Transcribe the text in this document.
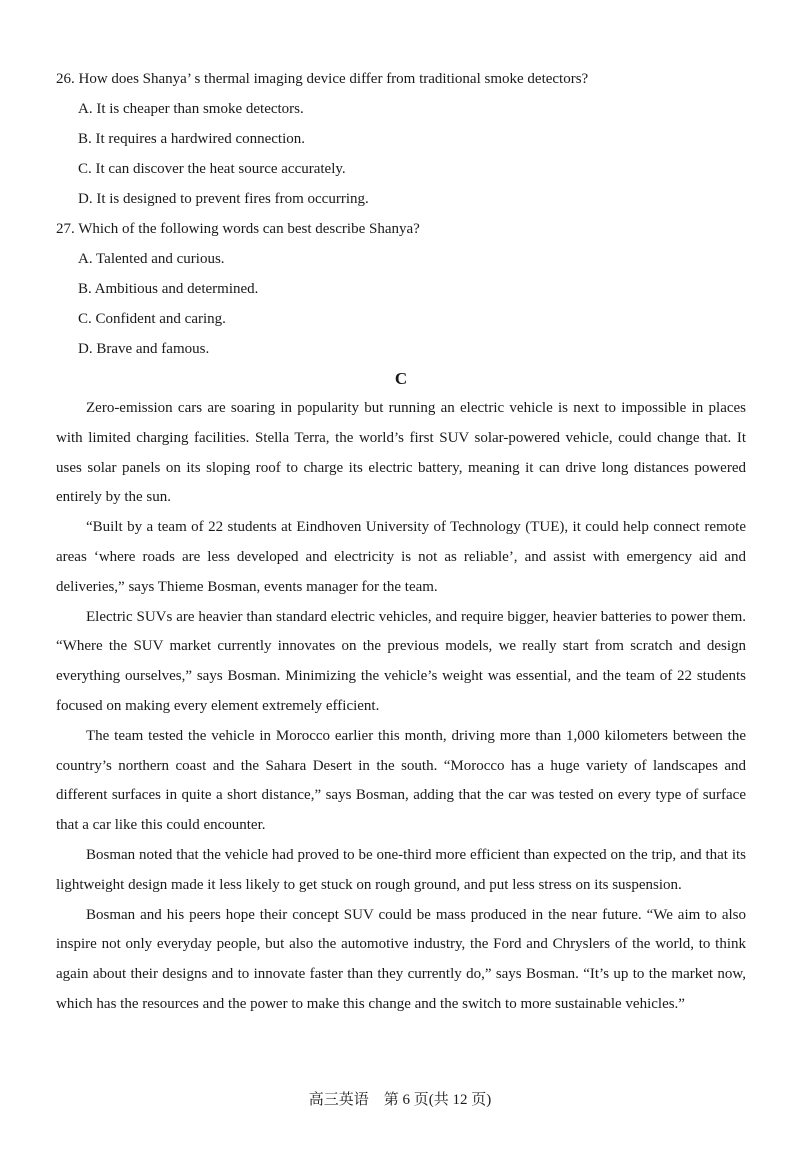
26. How does Shanya’ s thermal imaging device differ from traditional smoke detectors?
A. It is cheaper than smoke detectors.
B. It requires a hardwired connection.
C. It can discover the heat source accurately.
D. It is designed to prevent fires from occurring.
27. Which of the following words can best describe Shanya?
A. Talented and curious.
B. Ambitious and determined.
C. Confident and caring.
D. Brave and famous.
C

Zero-emission cars are soaring in popularity but running an electric vehicle is next to impossible in places with limited charging facilities. Stella Terra, the world’s first SUV solar-powered vehicle, could change that. It uses solar panels on its sloping roof to charge its electric battery, meaning it can drive long distances powered entirely by the sun.

“Built by a team of 22 students at Eindhoven University of Technology (TUE), it could help connect remote areas ‘where roads are less developed and electricity is not as reliable’, and assist with emergency aid and deliveries,” says Thieme Bosman, events manager for the team.

Electric SUVs are heavier than standard electric vehicles, and require bigger, heavier batteries to power them. “Where the SUV market currently innovates on the previous models, we really start from scratch and design everything ourselves,” says Bosman. Minimizing the vehicle’s weight was essential, and the team of 22 students focused on making every element extremely efficient.

The team tested the vehicle in Morocco earlier this month, driving more than 1,000 kilometers between the country’s northern coast and the Sahara Desert in the south. “Morocco has a huge variety of landscapes and different surfaces in quite a short distance,” says Bosman, adding that the car was tested on every type of surface that a car like this could encounter.

Bosman noted that the vehicle had proved to be one-third more efficient than expected on the trip, and that its lightweight design made it less likely to get stuck on rough ground, and put less stress on its suspension.

Bosman and his peers hope their concept SUV could be mass produced in the near future. “We aim to also inspire not only everyday people, but also the automotive industry, the Ford and Chryslers of the world, to think again about their designs and to innovate faster than they currently do,” says Bosman. “It’s up to the market now, which has the resources and the power to make this change and the switch to more sustainable vehicles.”

高三英语　第 6 页(共 12 页)
